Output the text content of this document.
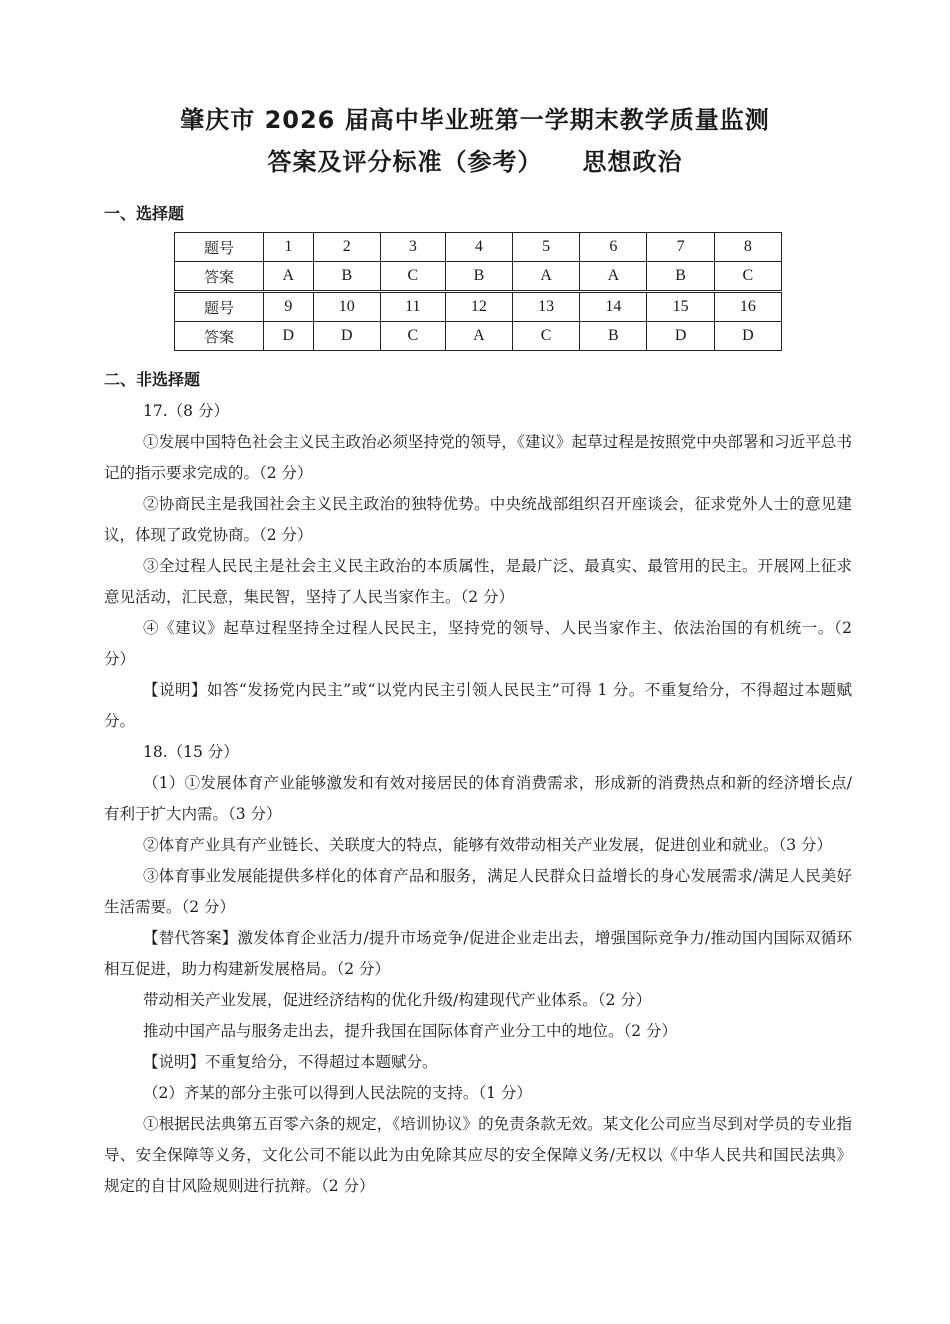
肇庆市 2026 届高中毕业班第一学期末教学质量监测
答案及评分标准（参考） 思想政治
一、选择题
题号	1	2	3	4	5	6	7	8
答案	A	B	C	B	A	A	B	C
题号	9	10	11	12	13	14	15	16
答案	D	D	C	A	C	B	D	D
二、非选择题

17.（8 分）

①发展中国特色社会主义民主政治必须坚持党的领导，《建议》起草过程是按照党中央部署和习近平总书记的指示要求完成的。（2 分）

②协商民主是我国社会主义民主政治的独特优势。中央统战部组织召开座谈会，征求党外人士的意见建议，体现了政党协商。（2 分）

③全过程人民民主是社会主义民主政治的本质属性，是最广泛、最真实、最管用的民主。开展网上征求意见活动，汇民意，集民智，坚持了人民当家作主。（2 分）

④《建议》起草过程坚持全过程人民民主，坚持党的领导、人民当家作主、依法治国的有机统一。（2 分）

【说明】如答“发扬党内民主”或“以党内民主引领人民民主”可得 1 分。不重复给分，不得超过本题赋分。

18.（15 分）

（1）①发展体育产业能够激发和有效对接居民的体育消费需求，形成新的消费热点和新的经济增长点/有利于扩大内需。（3 分）

②体育产业具有产业链长、关联度大的特点，能够有效带动相关产业发展，促进创业和就业。（3 分）

③体育事业发展能提供多样化的体育产品和服务，满足人民群众日益增长的身心发展需求/满足人民美好生活需要。（2 分）

【替代答案】激发体育企业活力/提升市场竞争/促进企业走出去，增强国际竞争力/推动国内国际双循环相互促进，助力构建新发展格局。（2 分）

带动相关产业发展，促进经济结构的优化升级/构建现代产业体系。（2 分）

推动中国产品与服务走出去，提升我国在国际体育产业分工中的地位。（2 分）

【说明】不重复给分，不得超过本题赋分。

（2）齐某的部分主张可以得到人民法院的支持。（1 分）

①根据民法典第五百零六条的规定，《培训协议》的免责条款无效。某文化公司应当尽到对学员的专业指导、安全保障等义务，文化公司不能以此为由免除其应尽的安全保障义务/无权以《中华人民共和国民法典》规定的自甘风险规则进行抗辩。（2 分）
